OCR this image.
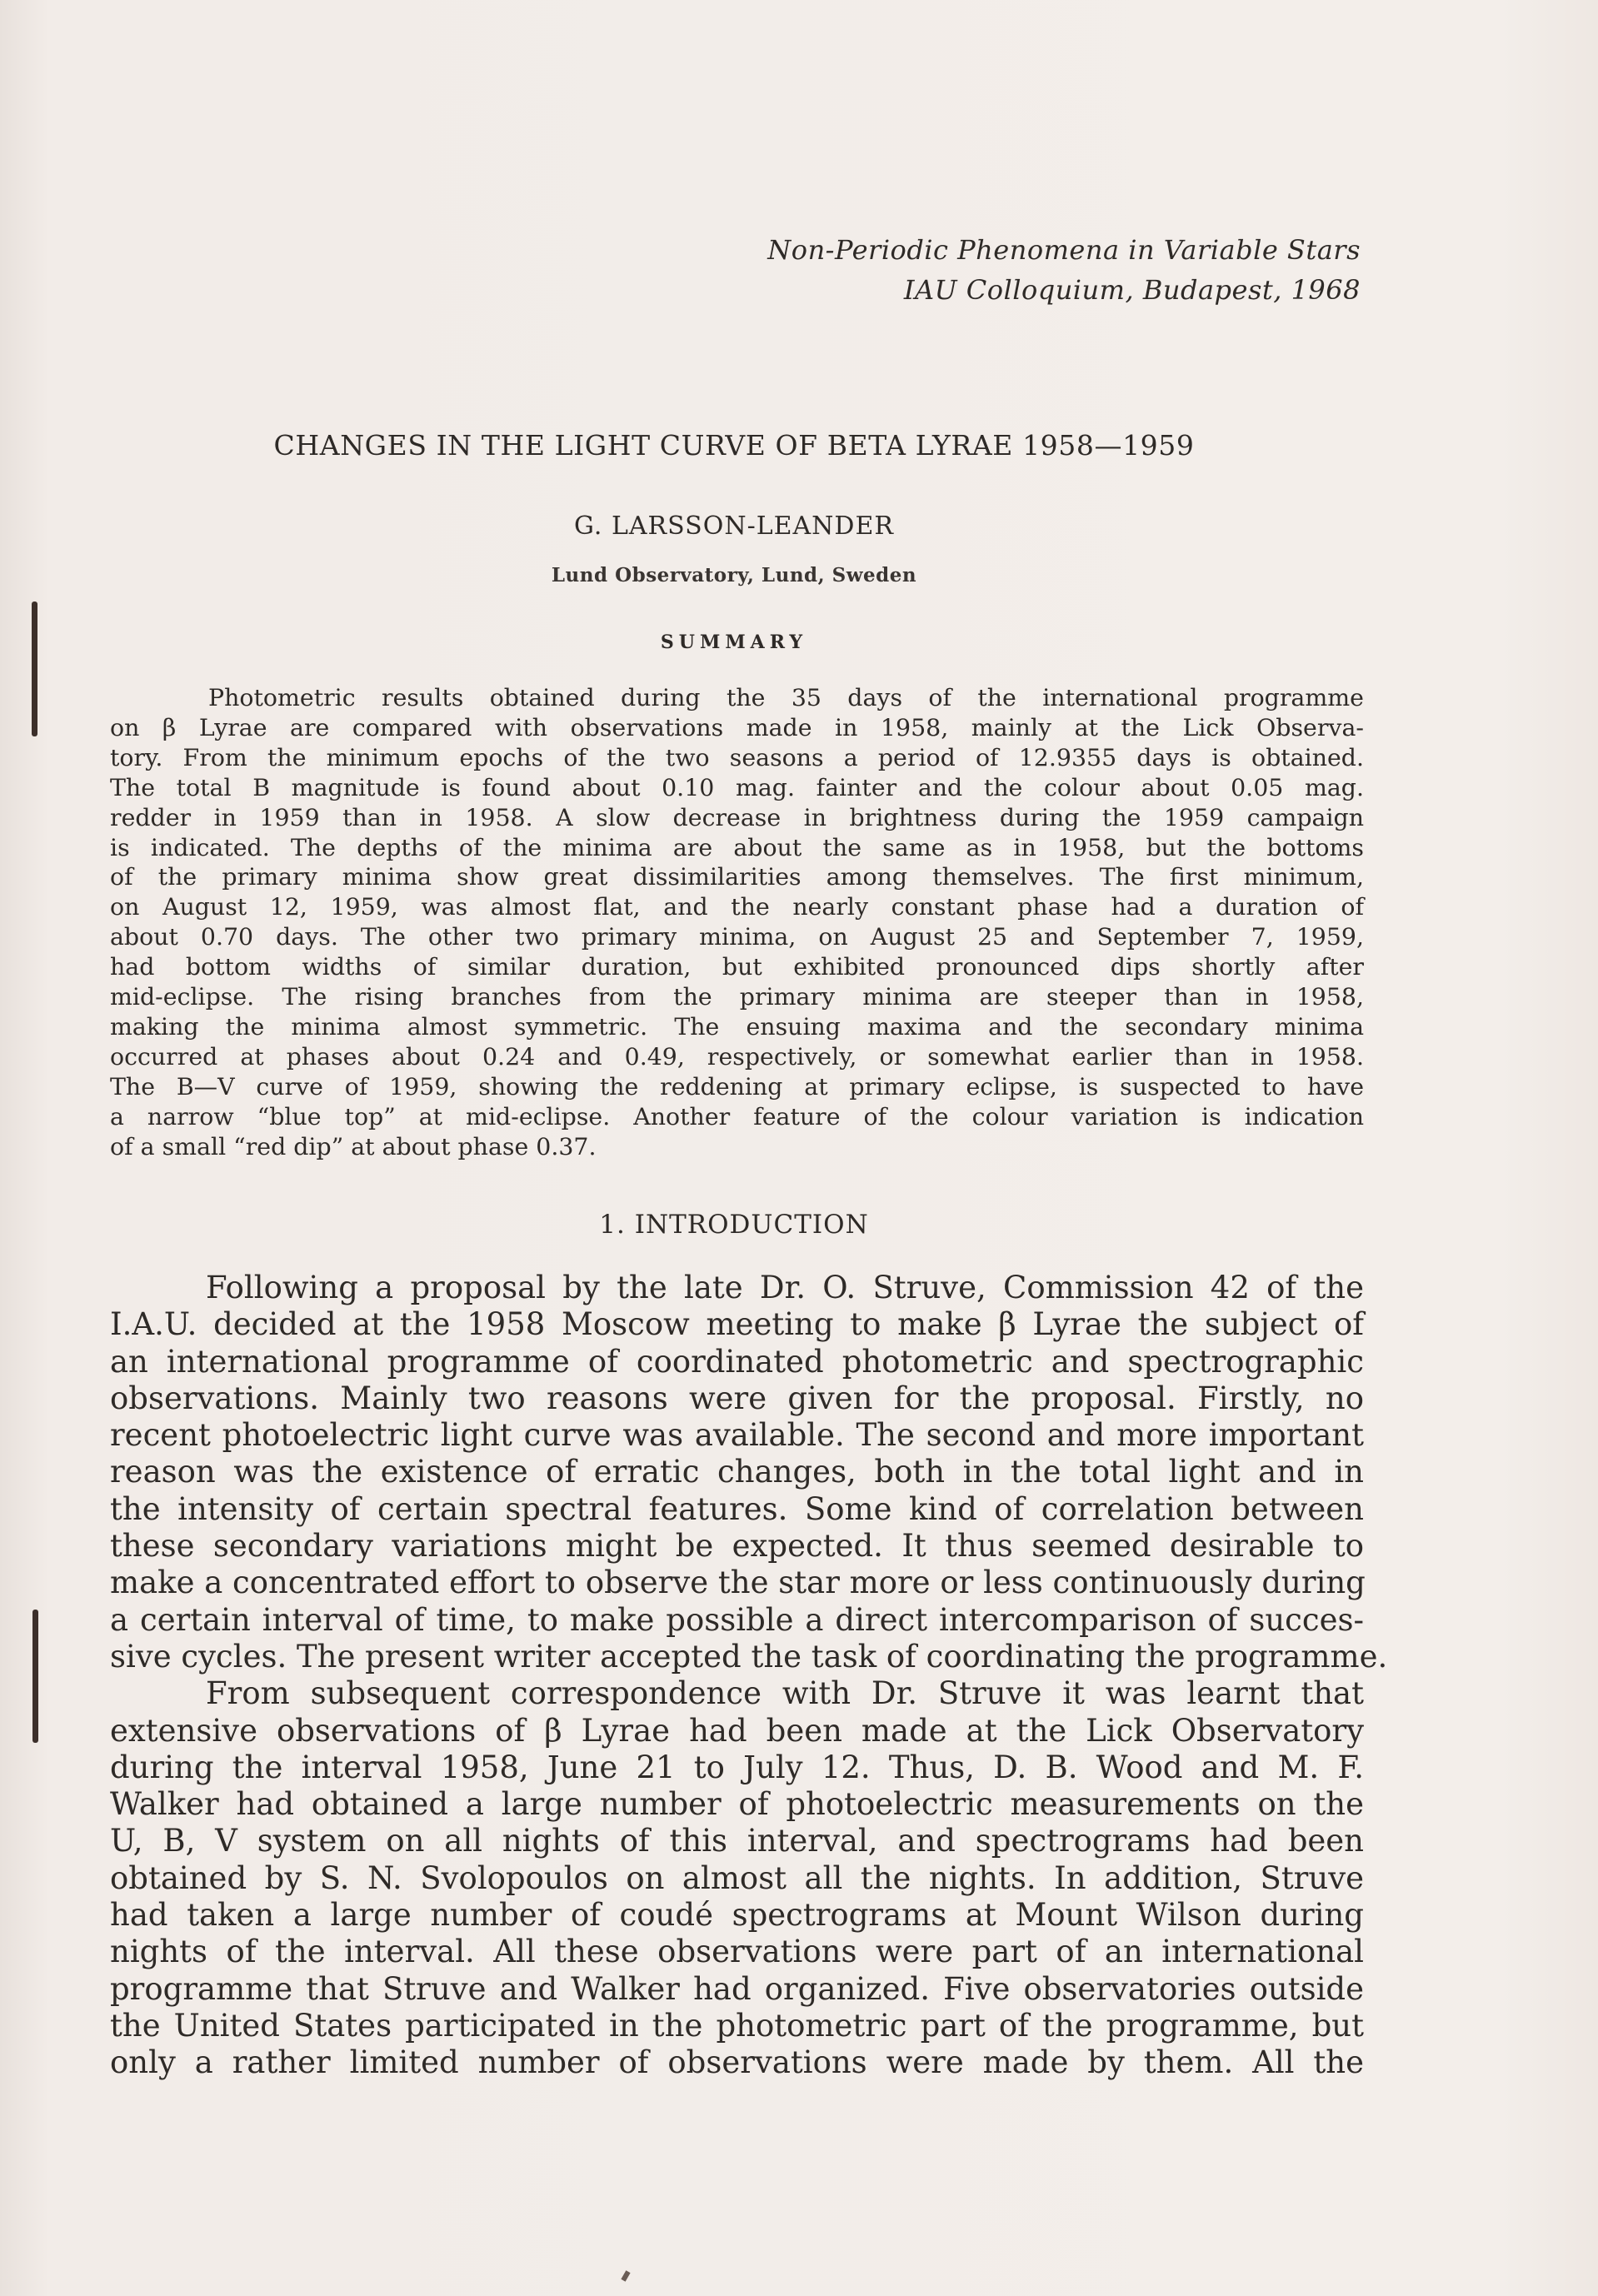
Non-Periodic Phenomena in Variable Stars
IAU Colloquium, Budapest, 1968
CHANGES IN THE LIGHT CURVE OF BETA LYRAE 1958—1959
G. LARSSON-LEANDER
Lund Observatory, Lund, Sweden
SUMMARY
Photometric results obtained during the 35 days of the international programme
on β Lyrae are compared with observations made in 1958, mainly at the Lick Observa-
tory. From the minimum epochs of the two seasons a period of 12.9355 days is obtained.
The total B magnitude is found about 0.10 mag. fainter and the colour about 0.05 mag.
redder in 1959 than in 1958. A slow decrease in brightness during the 1959 campaign
is indicated. The depths of the minima are about the same as in 1958, but the bottoms
of the primary minima show great dissimilarities among themselves. The first minimum,
on August 12, 1959, was almost flat, and the nearly constant phase had a duration of
about 0.70 days. The other two primary minima, on August 25 and September 7, 1959,
had bottom widths of similar duration, but exhibited pronounced dips shortly after
mid-eclipse. The rising branches from the primary minima are steeper than in 1958,
making the minima almost symmetric. The ensuing maxima and the secondary minima
occurred at phases about 0.24 and 0.49, respectively, or somewhat earlier than in 1958.
The B—V curve of 1959, showing the reddening at primary eclipse, is suspected to have
a narrow “blue top” at mid-eclipse. Another feature of the colour variation is indication
of a small “red dip” at about phase 0.37.
1. INTRODUCTION
Following a proposal by the late Dr. O. Struve, Commission 42 of the
I.A.U. decided at the 1958 Moscow meeting to make β Lyrae the subject of
an international programme of coordinated photometric and spectrographic
observations. Mainly two reasons were given for the proposal. Firstly, no
recent photoelectric light curve was available. The second and more important
reason was the existence of erratic changes, both in the total light and in
the intensity of certain spectral features. Some kind of correlation between
these secondary variations might be expected. It thus seemed desirable to
make a concentrated effort to observe the star more or less continuously during
a certain interval of time, to make possible a direct intercomparison of succes-
sive cycles. The present writer accepted the task of coordinating the programme.
From subsequent correspondence with Dr. Struve it was learnt that
extensive observations of β Lyrae had been made at the Lick Observatory
during the interval 1958, June 21 to July 12. Thus, D. B. Wood and M. F.
Walker had obtained a large number of photoelectric measurements on the
U, B, V system on all nights of this interval, and spectrograms had been
obtained by S. N. Svolopoulos on almost all the nights. In addition, Struve
had taken a large number of coudé spectrograms at Mount Wilson during
nights of the interval. All these observations were part of an international
programme that Struve and Walker had organized. Five observatories outside
the United States participated in the photometric part of the programme, but
only a rather limited number of observations were made by them. All the
